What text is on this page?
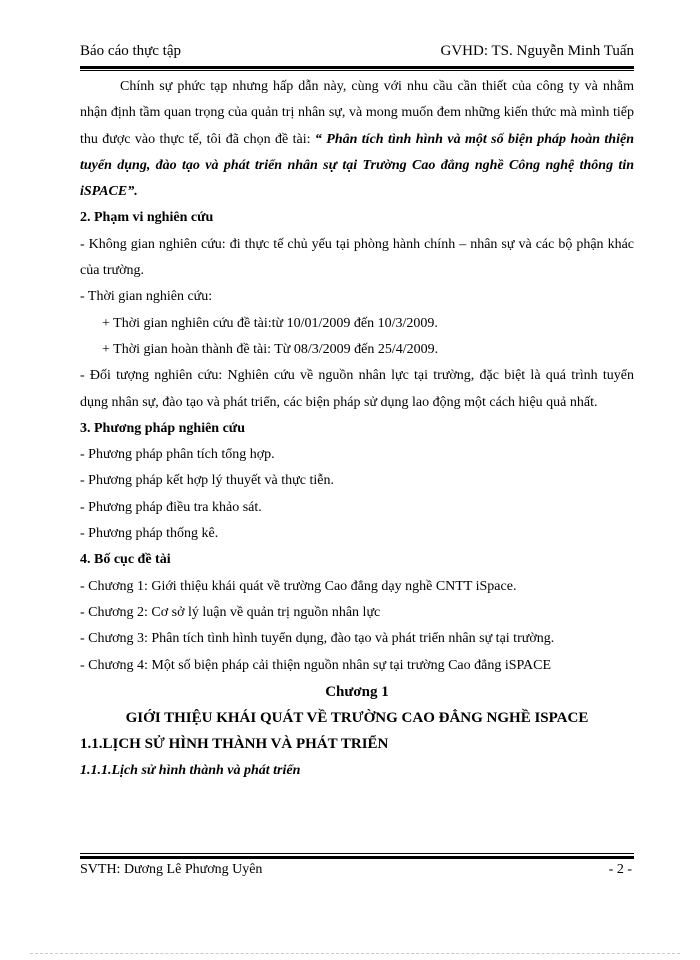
Báo cáo thực tập	GVHD: TS. Nguyễn Minh Tuấn

Chính sự phức tạp nhưng hấp dẫn này, cùng với nhu cầu cần thiết của công ty và nhằm nhận định tầm quan trọng của quản trị nhân sự, và mong muốn đem những kiến thức mà mình tiếp thu được vào thực tế, tôi đã chọn đề tài: “ Phân tích tình hình và một số biện pháp hoàn thiện tuyển dụng, đào tạo và phát triển nhân sự tại Trường Cao đẳng nghề Công nghệ thông tin iSPACE”.

2. Phạm vi nghiên cứu

- Không gian nghiên cứu: đi thực tế chủ yếu tại phòng hành chính – nhân sự và các bộ phận khác của trường.

- Thời gian nghiên cứu:

+ Thời gian nghiên cứu đề tài:từ 10/01/2009 đến 10/3/2009.

+ Thời gian hoàn thành đề tài: Từ 08/3/2009 đến 25/4/2009.

- Đối tượng nghiên cứu: Nghiên cứu về nguồn nhân lực tại trường, đặc biệt là quá trình tuyển dụng nhân sự, đào tạo và phát triển, các biện pháp sử dụng lao động một cách hiệu quả nhất.

3. Phương pháp nghiên cứu

- Phương pháp phân tích tổng hợp.

- Phương pháp kết hợp lý thuyết và thực tiễn.

- Phương pháp điều tra khảo sát.

- Phương pháp thống kê.

4. Bố cục đề tài

- Chương 1: Giới thiệu khái quát về trường Cao đẳng dạy nghề CNTT iSpace.

- Chương 2: Cơ sở lý luận về quản trị nguồn nhân lực

- Chương 3: Phân tích tình hình tuyển dụng, đào tạo và phát triển nhân sự tại trường.

- Chương 4: Một số biện pháp cải thiện nguồn nhân sự tại trường Cao đẳng iSPACE

Chương 1

GIỚI THIỆU KHÁI QUÁT VỀ TRƯỜNG CAO ĐẲNG NGHỀ ISPACE

1.1.LỊCH SỬ HÌNH THÀNH VÀ PHÁT TRIỂN

1.1.1.Lịch sử hình thành và phát triển

SVTH: Dương Lê Phương Uyên	- 2 -
